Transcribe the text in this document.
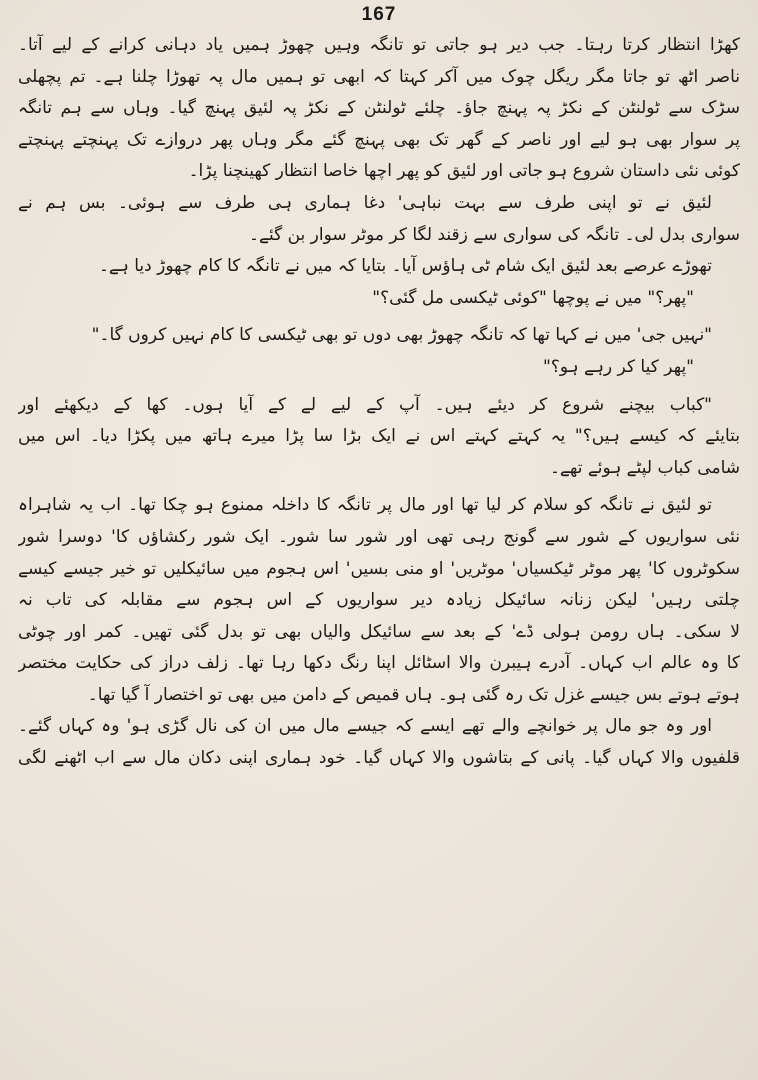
167
کھڑا انتظار کرتا رہتا۔ جب دیر ہو جاتی تو تانگہ وہیں چھوڑ ہمیں یاد دہانی کرانے کے لیے آتا۔
ناصر اٹھ تو جاتا مگر ریگل چوک میں آکر کہتا کہ ابھی تو ہمیں مال پہ تھوڑا چلنا ہے۔ تم پچھلی
سڑک سے ٹولنٹن کے نکڑ پہ پہنچ جاؤ۔ چلئے ٹولنٹن کے نکڑ پہ لئیق پہنچ گیا۔ وہاں سے ہم تانگہ
پر سوار بھی ہو لیے اور ناصر کے گھر تک بھی پہنچ گئے مگر وہاں پھر دروازے تک پہنچتے پہنچتے
کوئی نئی داستان شروع ہو جاتی اور لئیق کو پھر اچھا خاصا انتظار کھینچنا پڑا۔
لئیق نے تو اپنی طرف سے بہت نباہی' دغا ہماری ہی طرف سے ہوئی۔ بس ہم نے
سواری بدل لی۔ تانگہ کی سواری سے زقند لگا کر موٹر سوار بن گئے۔
تھوڑے عرصے بعد لئیق ایک شام ٹی ہاؤس آیا۔ بتایا کہ میں نے تانگہ کا کام چھوڑ دیا ہے۔
"پھر؟" میں نے پوچھا "کوئی ٹیکسی مل گئی؟"
"نہیں جی' میں نے کہا تھا کہ تانگہ چھوڑ بھی دوں تو بھی ٹیکسی کا کام نہیں کروں گا۔"
"پھر کیا کر رہے ہو؟"
"کباب بیچنے شروع کر دیئے ہیں۔ آپ کے لیے لے کے آیا ہوں۔ کھا کے دیکھئے اور
بتایئے کہ کیسے ہیں؟" یہ کہتے کہتے اس نے ایک بڑا سا پڑا میرے ہاتھ میں پکڑا دیا۔ اس میں
شامی کباب لپٹے ہوئے تھے۔
تو لئیق نے تانگہ کو سلام کر لیا تھا اور مال پر تانگہ کا داخلہ ممنوع ہو چکا تھا۔ اب یہ شاہراہ
نئی سواریوں کے شور سے گونج رہی تھی اور شور سا شور۔ ایک شور رکشاؤں کا' دوسرا شور
سکوٹروں کا' پھر موٹر ٹیکسیاں' موٹریں' او منی بسیں' اس ہجوم میں سائیکلیں تو خیر جیسے کیسے
چلتی رہیں' لیکن زنانہ سائیکل زیادہ دیر سواریوں کے اس ہجوم سے مقابلہ کی تاب نہ
لا سکی۔ ہاں رومن ہولی ڈے' کے بعد سے سائیکل والیاں بھی تو بدل گئی تھیں۔ کمر اور چوٹی
کا وہ عالم اب کہاں۔ آدرے ہیبرن والا اسٹائل اپنا رنگ دکھا رہا تھا۔ زلف دراز کی حکایت مختصر
ہوتے ہوتے بس جیسے غزل تک رہ گئی ہو۔ ہاں قمیص کے دامن میں بھی تو اختصار آ گیا تھا۔
اور وہ جو مال پر خوانچے والے تھے ایسے کہ جیسے مال میں ان کی نال گڑی ہو' وہ کہاں گئے۔
قلفیوں والا کہاں گیا۔ پانی کے بتاشوں والا کہاں گیا۔ خود ہماری اپنی دکان مال سے اب اٹھنے لگی
